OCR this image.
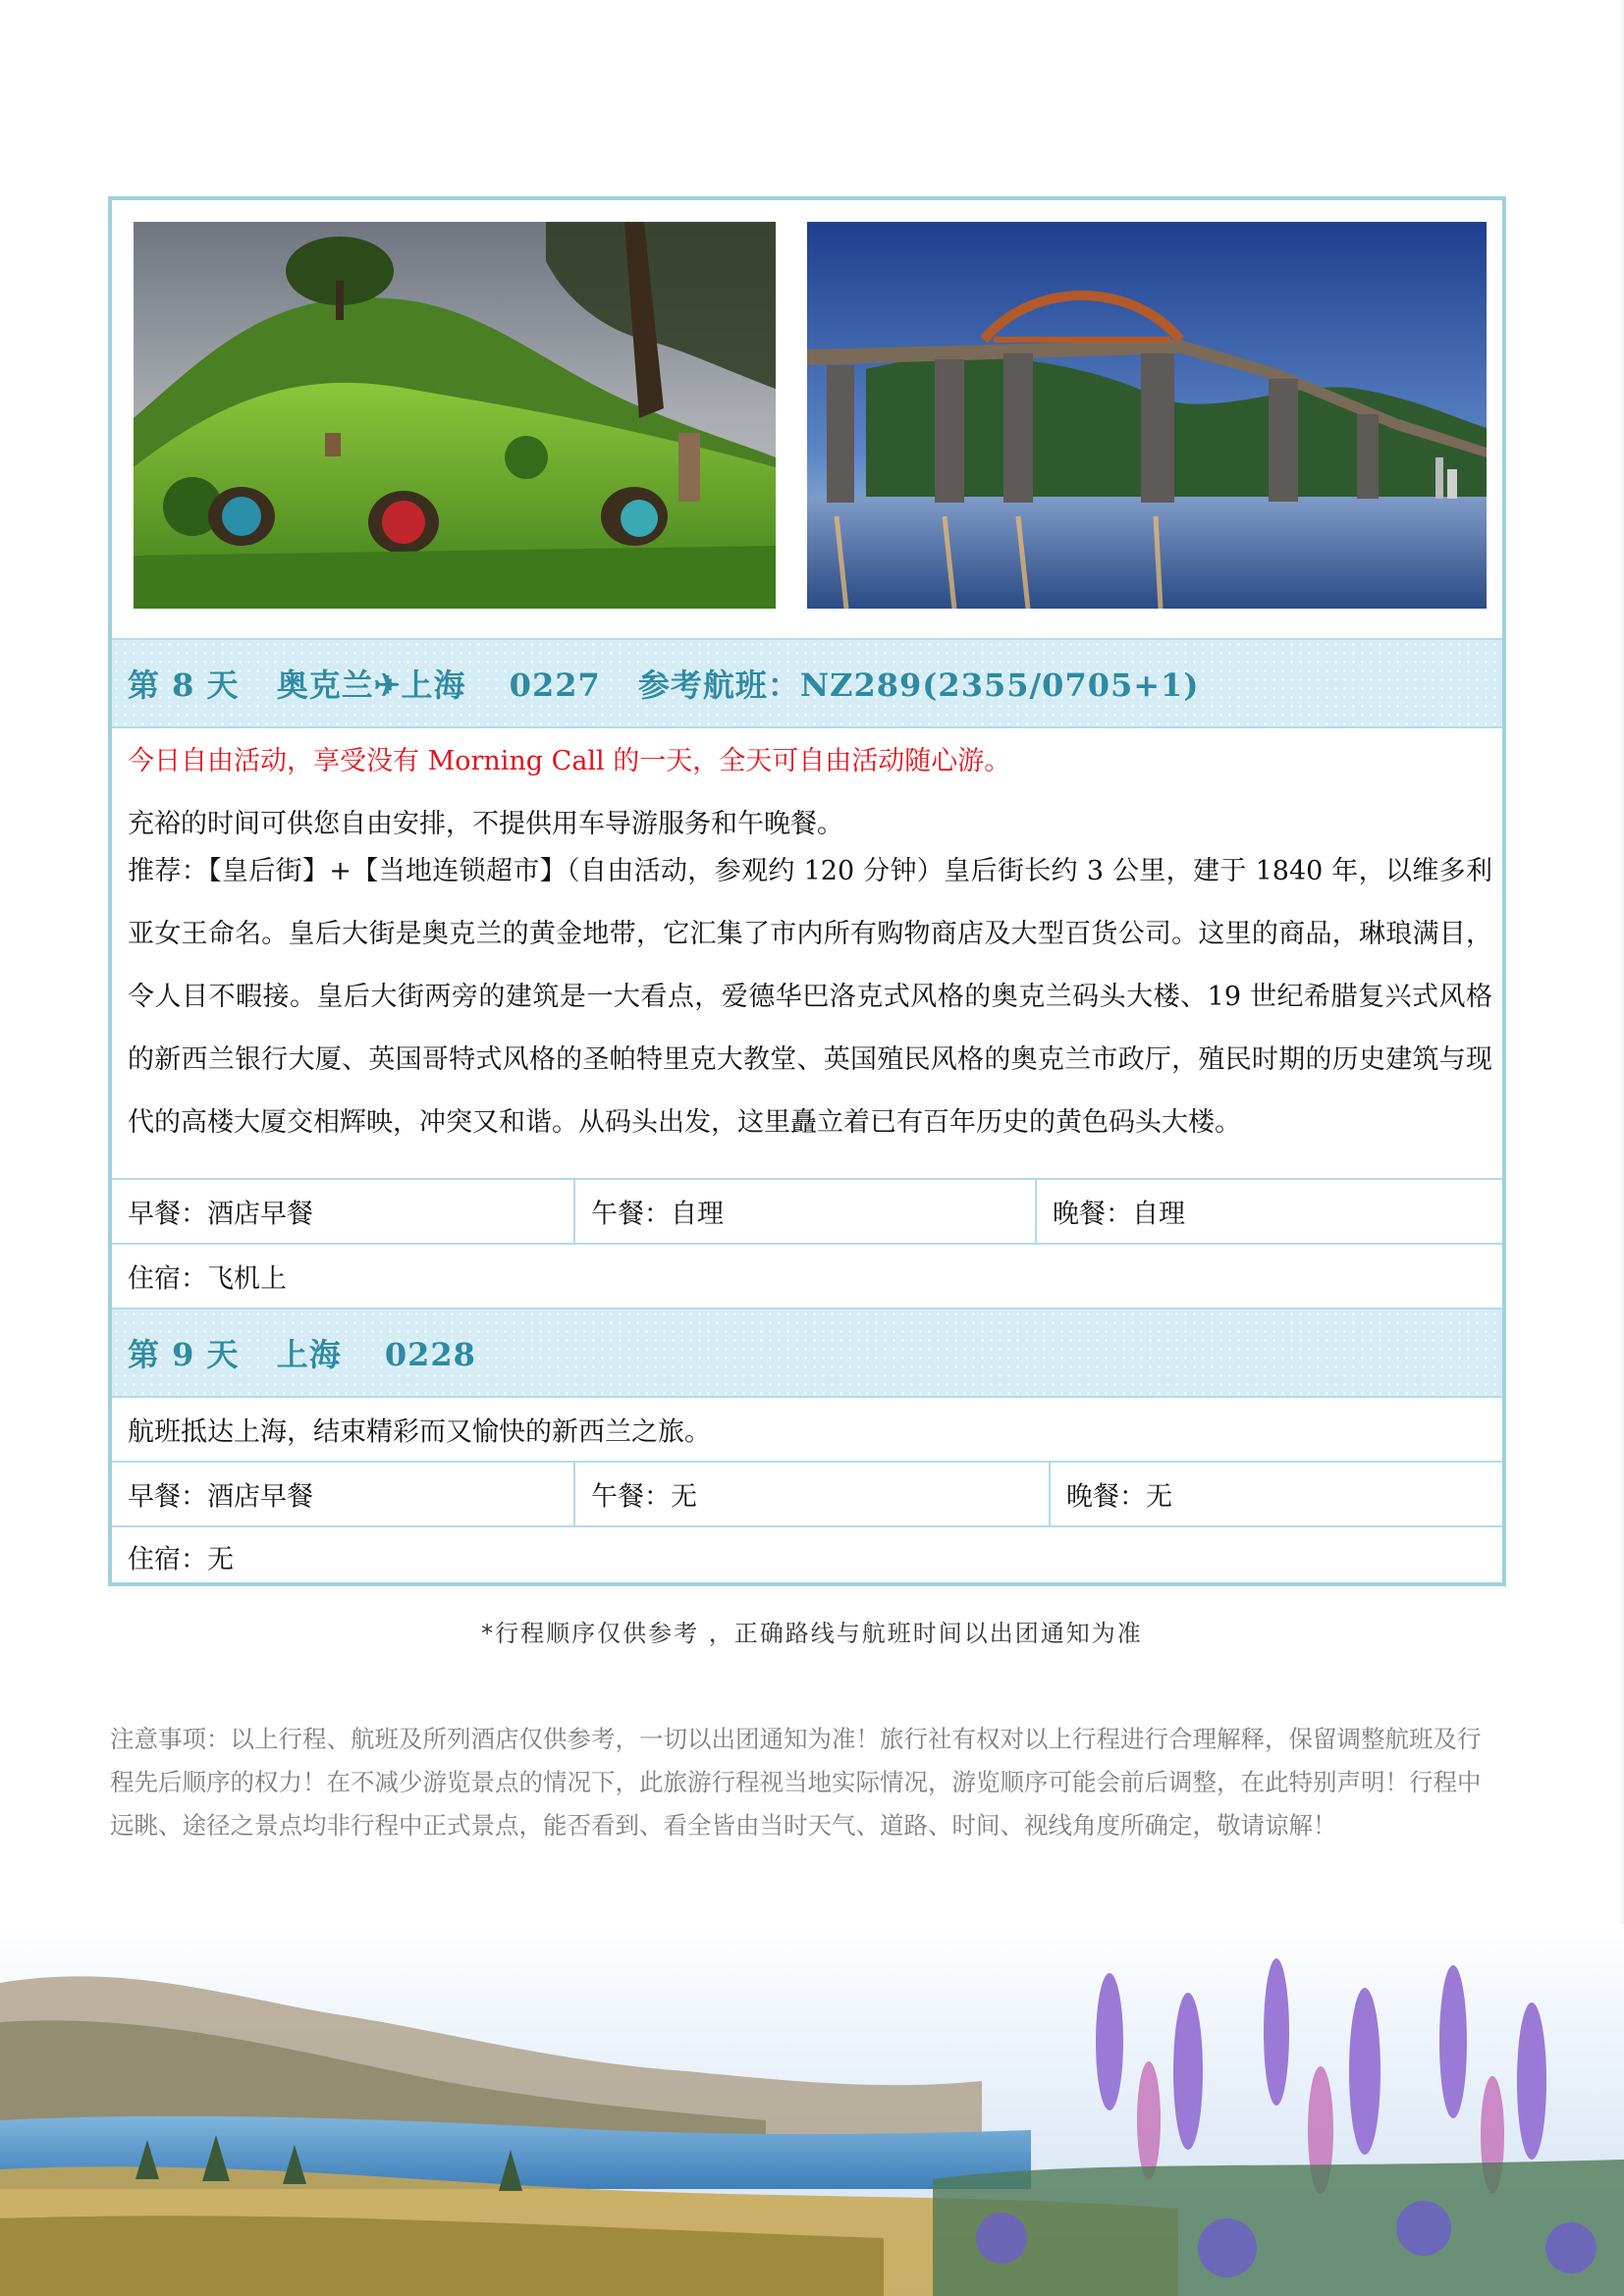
第 8 天 奥克兰✈上海 0227 参考航班：NZ289(2355/0705+1)
今日自由活动，享受没有 Morning Call 的一天，全天可自由活动随心游。
充裕的时间可供您自由安排，不提供用车导游服务和午晚餐。
推荐：【皇后街】+【当地连锁超市】（自由活动，参观约 120 分钟）皇后街长约 3 公里，建于 1840 年，以维多利亚女王命名。皇后大街是奥克兰的黄金地带，它汇集了市内所有购物商店及大型百货公司。这里的商品，琳琅满目，令人目不暇接。皇后大街两旁的建筑是一大看点，爱德华巴洛克式风格的奥克兰码头大楼、19 世纪希腊复兴式风格的新西兰银行大厦、英国哥特式风格的圣帕特里克大教堂、英国殖民风格的奥克兰市政厅，殖民时期的历史建筑与现代的高楼大厦交相辉映，冲突又和谐。从码头出发，这里矗立着已有百年历史的黄色码头大楼。
早餐：酒店早餐	午餐：自理	晚餐：自理
住宿：飞机上
第 9 天 上海 0228
航班抵达上海，结束精彩而又愉快的新西兰之旅。
早餐：酒店早餐	午餐：无	晚餐：无
住宿：无
*行程顺序仅供参考 ，正确路线与航班时间以出团通知为准
注意事项：以上行程、航班及所列酒店仅供参考，一切以出团通知为准！旅行社有权对以上行程进行合理解释，保留调整航班及行程先后顺序的权力！在不减少游览景点的情况下，此旅游行程视当地实际情况，游览顺序可能会前后调整，在此特别声明！行程中远眺、途径之景点均非行程中正式景点，能否看到、看全皆由当时天气、道路、时间、视线角度所确定，敬请谅解！
